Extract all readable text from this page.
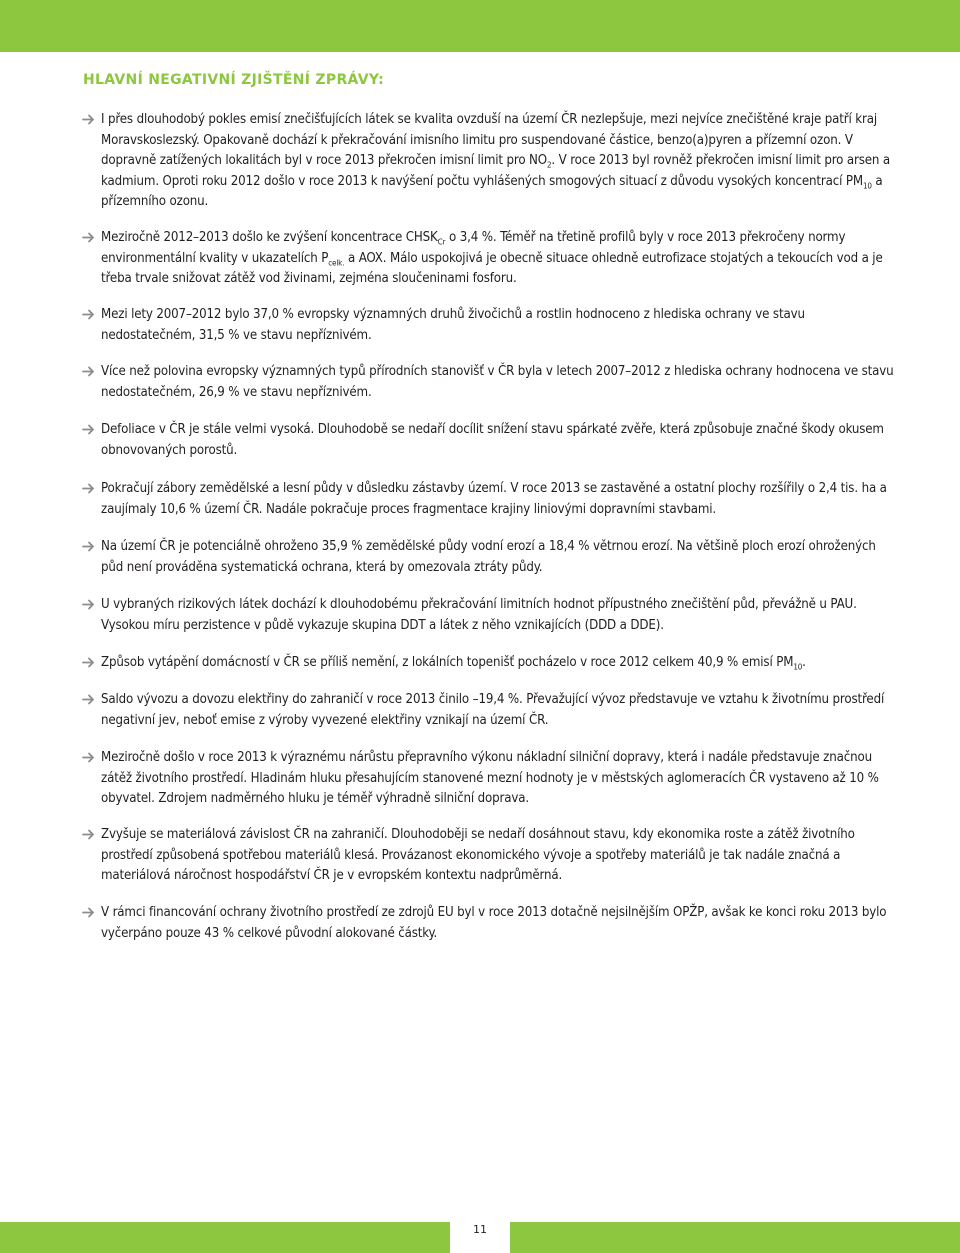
HLAVNÍ NEGATIVNÍ ZJIŠTĚNÍ ZPRÁVY:
I přes dlouhodobý pokles emisí znečišťujících látek se kvalita ovzduší na území ČR nezlepšuje, mezi nejvíce znečištěné kraje patří kraj Moravskoslezský. Opakovaně dochází k překračování imisního limitu pro suspendované částice, benzo(a)pyren a přízemní ozon. V dopravně zatížených lokalitách byl v roce 2013 překročen imisní limit pro $NO_2$. V roce 2013 byl rovněž překročen imisní limit pro arsen a kadmium. Oproti roku 2012 došlo v roce 2013 k navýšení počtu vyhlášených smogových situací z důvodu vysokých koncentrací $PM_{10}$ a přízemního ozonu.
Meziročně 2012–2013 došlo ke zvýšení koncentrace $CHSK_{Cr}$ o 3,4 %. Téměř na třetině profilů byly v roce 2013 překročeny normy environmentální kvality v ukazatelích $P_{celk.}$ a AOX. Málo uspokojivá je obecně situace ohledně eutrofizace stojatých a tekoucích vod a je třeba trvale snižovat zátěž vod živinami, zejména sloučeninami fosforu.
Mezi lety 2007–2012 bylo 37,0 % evropsky významných druhů živočichů a rostlin hodnoceno z hlediska ochrany ve stavu nedostatečném, 31,5 % ve stavu nepříznivém.
Více než polovina evropsky významných typů přírodních stanovišť v ČR byla v letech 2007–2012 z hlediska ochrany hodnocena ve stavu nedostatečném, 26,9 % ve stavu nepříznivém.
Defoliace v ČR je stále velmi vysoká. Dlouhodobě se nedaří docílit snížení stavu spárkaté zvěře, která způsobuje značné škody okusem obnovovaných porostů.
Pokračují zábory zemědělské a lesní půdy v důsledku zástavby území. V roce 2013 se zastavěné a ostatní plochy rozšířily o 2,4 tis. ha a zaujímaly 10,6 % území ČR. Nadále pokračuje proces fragmentace krajiny liniovými dopravními stavbami.
Na území ČR je potenciálně ohroženo 35,9 % zemědělské půdy vodní erozí a 18,4 % větrnou erozí. Na většině ploch erozí ohrožených půd není prováděna systematická ochrana, která by omezovala ztráty půdy.
U vybraných rizikových látek dochází k dlouhodobému překračování limitních hodnot přípustného znečištění půd, převážně u PAU. Vysokou míru perzistence v půdě vykazuje skupina DDT a látek z něho vznikajících (DDD a DDE).
Způsob vytápění domácností v ČR se příliš nemění, z lokálních topenišť pocházelo v roce 2012 celkem 40,9 % emisí $PM_{10}$.
Saldo vývozu a dovozu elektřiny do zahraničí v roce 2013 činilo –19,4 %. Převažující vývoz představuje ve vztahu k životnímu prostředí negativní jev, neboť emise z výroby vyvezené elektřiny vznikají na území ČR.
Meziročně došlo v roce 2013 k výraznému nárůstu přepravního výkonu nákladní silniční dopravy, která i nadále představuje značnou zátěž životního prostředí. Hladinám hluku přesahujícím stanovené mezní hodnoty je v městských aglomeracích ČR vystaveno až 10 % obyvatel. Zdrojem nadměrného hluku je téměř výhradně silniční doprava.
Zvyšuje se materiálová závislost ČR na zahraničí. Dlouhodoběji se nedaří dosáhnout stavu, kdy ekonomika roste a zátěž životního prostředí způsobená spotřebou materiálů klesá. Provázanost ekonomického vývoje a spotřeby materiálů je tak nadále značná a materiálová náročnost hospodářství ČR je v evropském kontextu nadprůměrná.
V rámci financování ochrany životního prostředí ze zdrojů EU byl v roce 2013 dotačně nejsilnějším OPŽP, avšak ke konci roku 2013 bylo vyčerpáno pouze 43 % celkové původní alokované částky.
11
